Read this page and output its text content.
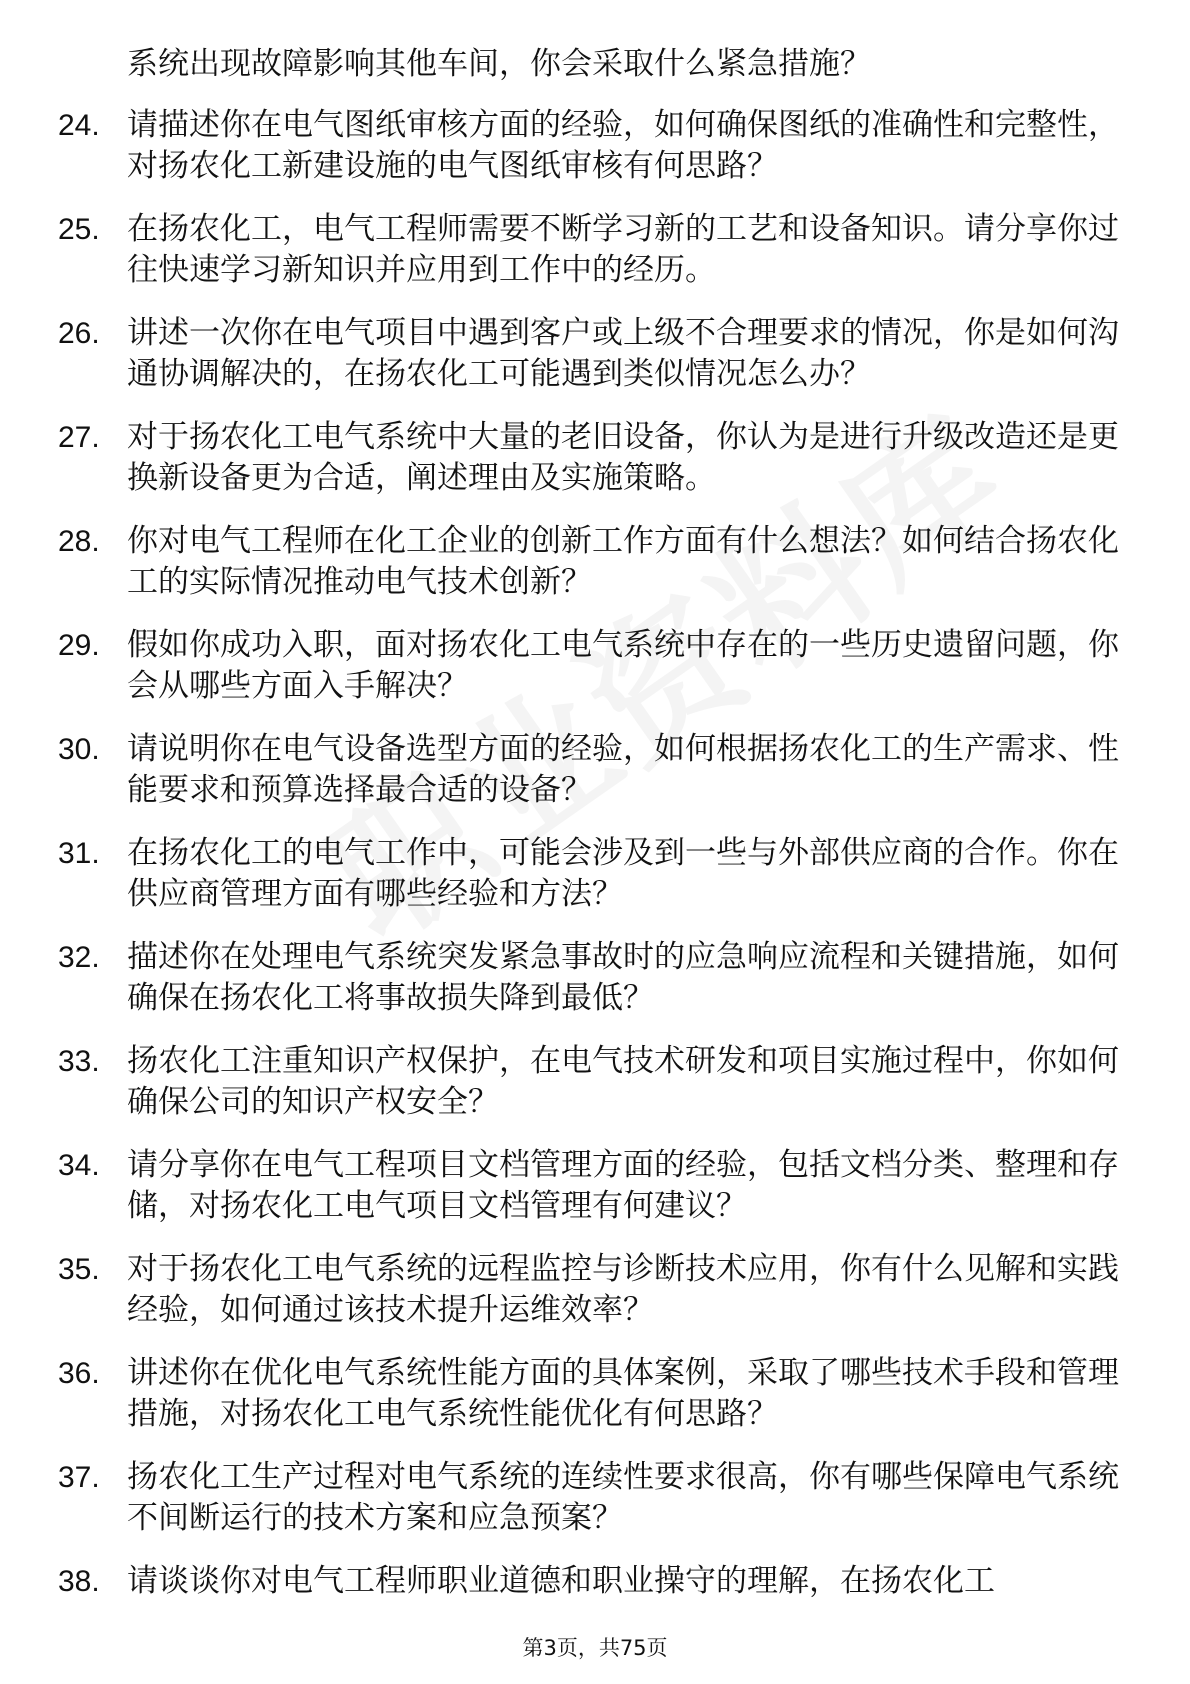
系统出现故障影响其他车间，你会采取什么紧急措施？
24. 请描述你在电气图纸审核方面的经验，如何确保图纸的准确性和完整性，对扬农化工新建设施的电气图纸审核有何思路？
25. 在扬农化工，电气工程师需要不断学习新的工艺和设备知识。请分享你过往快速学习新知识并应用到工作中的经历。
26. 讲述一次你在电气项目中遇到客户或上级不合理要求的情况，你是如何沟通协调解决的，在扬农化工可能遇到类似情况怎么办？
27. 对于扬农化工电气系统中大量的老旧设备，你认为是进行升级改造还是更换新设备更为合适，阐述理由及实施策略。
28. 你对电气工程师在化工企业的创新工作方面有什么想法？如何结合扬农化工的实际情况推动电气技术创新？
29. 假如你成功入职，面对扬农化工电气系统中存在的一些历史遗留问题，你会从哪些方面入手解决？
30. 请说明你在电气设备选型方面的经验，如何根据扬农化工的生产需求、性能要求和预算选择最合适的设备？
31. 在扬农化工的电气工作中，可能会涉及到一些与外部供应商的合作。你在供应商管理方面有哪些经验和方法？
32. 描述你在处理电气系统突发紧急事故时的应急响应流程和关键措施，如何确保在扬农化工将事故损失降到最低？
33. 扬农化工注重知识产权保护，在电气技术研发和项目实施过程中，你如何确保公司的知识产权安全？
34. 请分享你在电气工程项目文档管理方面的经验，包括文档分类、整理和存储，对扬农化工电气项目文档管理有何建议？
35. 对于扬农化工电气系统的远程监控与诊断技术应用，你有什么见解和实践经验，如何通过该技术提升运维效率？
36. 讲述你在优化电气系统性能方面的具体案例，采取了哪些技术手段和管理措施，对扬农化工电气系统性能优化有何思路？
37. 扬农化工生产过程对电气系统的连续性要求很高，你有哪些保障电气系统不间断运行的技术方案和应急预案？
38. 请谈谈你对电气工程师职业道德和职业操守的理解，在扬农化工
第3页，共75页
